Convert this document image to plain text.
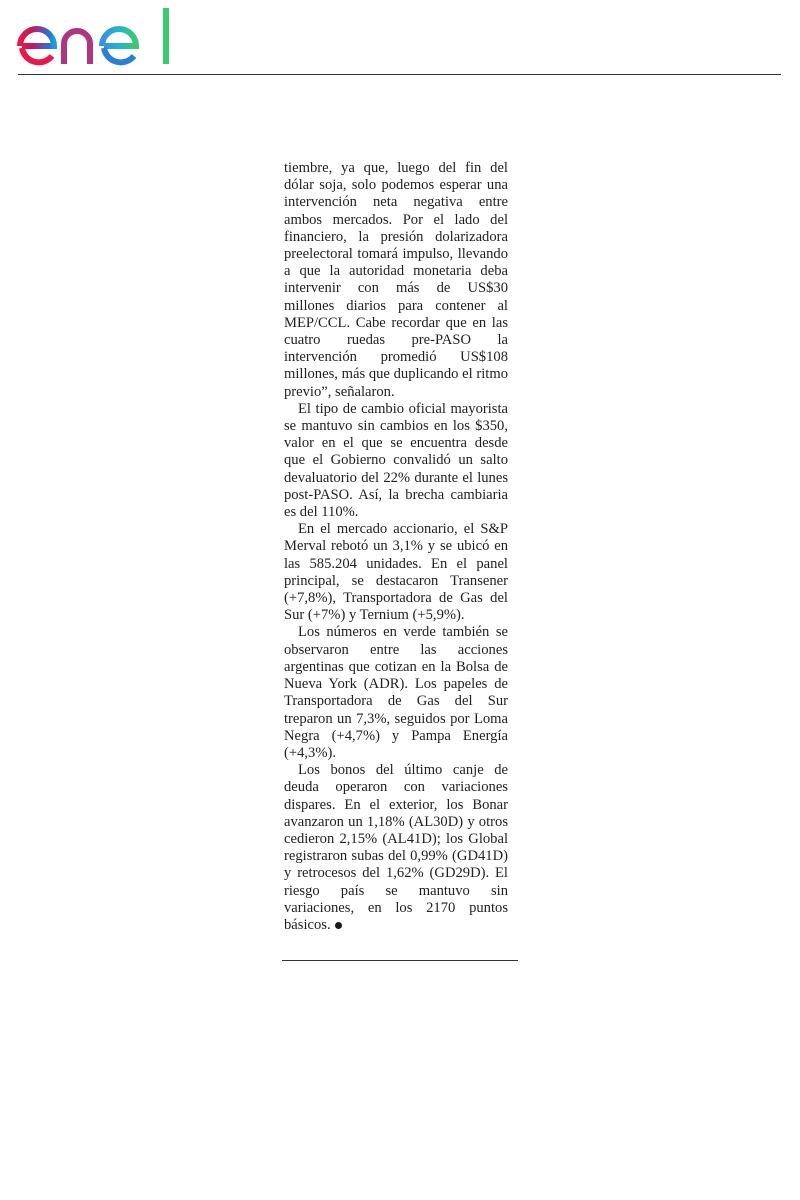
tiembre, ya que, luego del fin del dólar soja, solo podemos esperar una intervención neta negativa entre ambos mercados. Por el lado del financiero, la presión dolarizadora preelectoral tomará impulso, llevando a que la autoridad monetaria deba intervenir con más de US$30 millones diarios para contener al MEP/CCL. Cabe recordar que en las cuatro ruedas pre-PASO la intervención promedió US$108 millones, más que duplicando el ritmo previo”, señalaron.

El tipo de cambio oficial mayorista se mantuvo sin cambios en los $350, valor en el que se encuentra desde que el Gobierno convalidó un salto devaluatorio del 22% durante el lunes post-PASO. Así, la brecha cambiaria es del 110%.

En el mercado accionario, el S&P Merval rebotó un 3,1% y se ubicó en las 585.204 unidades. En el panel principal, se destacaron Transener (+7,8%), Transportadora de Gas del Sur (+7%) y Ternium (+5,9%).

Los números en verde también se observaron entre las acciones argentinas que cotizan en la Bolsa de Nueva York (ADR). Los papeles de Transportadora de Gas del Sur treparon un 7,3%, seguidos por Loma Negra (+4,7%) y Pampa Energía (+4,3%).

Los bonos del último canje de deuda operaron con variaciones dispares. En el exterior, los Bonar avanzaron un 1,18% (AL30D) y otros cedieron 2,15% (AL41D); los Global registraron subas del 0,99% (GD41D) y retrocesos del 1,62% (GD29D). El riesgo país se mantuvo sin variaciones, en los 2170 puntos básicos.
